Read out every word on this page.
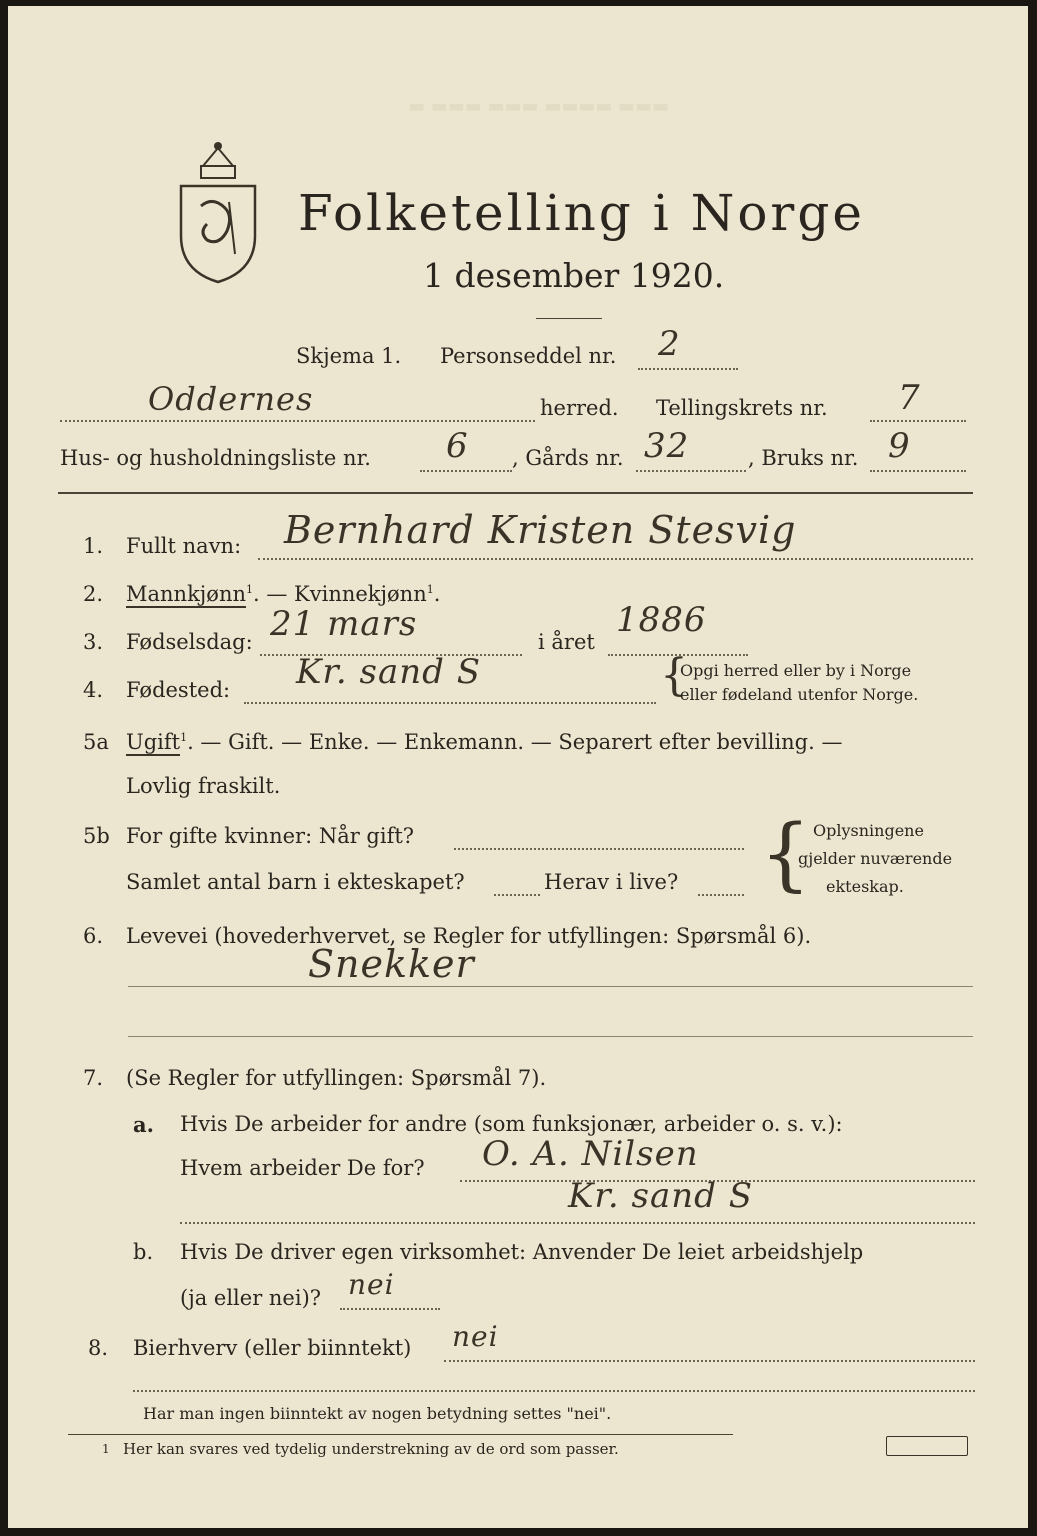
▬ ▬▬▬ ▬▬▬ ▬▬▬▬ ▬▬▬
Folketelling i Norge
1 desember 1920.
Skjema 1. Personseddel nr. 2
Oddernes	herred. Tellingskrets nr. 7
Hus- og husholdningsliste nr. 6 , Gårds nr. 32	, Bruks nr. 9
1. Fullt navn: Bernhard Kristen Stesvig
2. Mannkjønn$^1$. — Kvinnekjønn$^1$.
3. Fødselsdag: 21 mars	i året
1886
4. Fødested: Kr. sand S	{
Opgi herred eller by i Norge
eller fødeland utenfor Norge.
5a Ugift$^1$. — Gift. — Enke. — Enkemann. — Separert efter bevilling. —
Lovlig fraskilt.
5b For gifte kvinner: Når gift?
Samlet antal barn i ekteskapet?	Herav i live? { Oplysningene
gjelder nuværende
ekteskap.
6. Levevei (hovederhvervet, se Regler for utfyllingen: Spørsmål 6).
Snekker
7. (Se Regler for utfyllingen: Spørsmål 7).
a. Hvis De arbeider for andre (som funksjonær, arbeider o. s. v.):
Hvem arbeider De for? O. A. Nilsen
Kr. sand S
b. Hvis De driver egen virksomhet: Anvender De leiet arbeidshjelp
(ja eller nei)? nei
8. Bierhverv (eller biinntekt) nei
Har man ingen biinntekt av nogen betydning settes "nei".
1 Her kan svares ved tydelig understrekning av de ord som passer.
